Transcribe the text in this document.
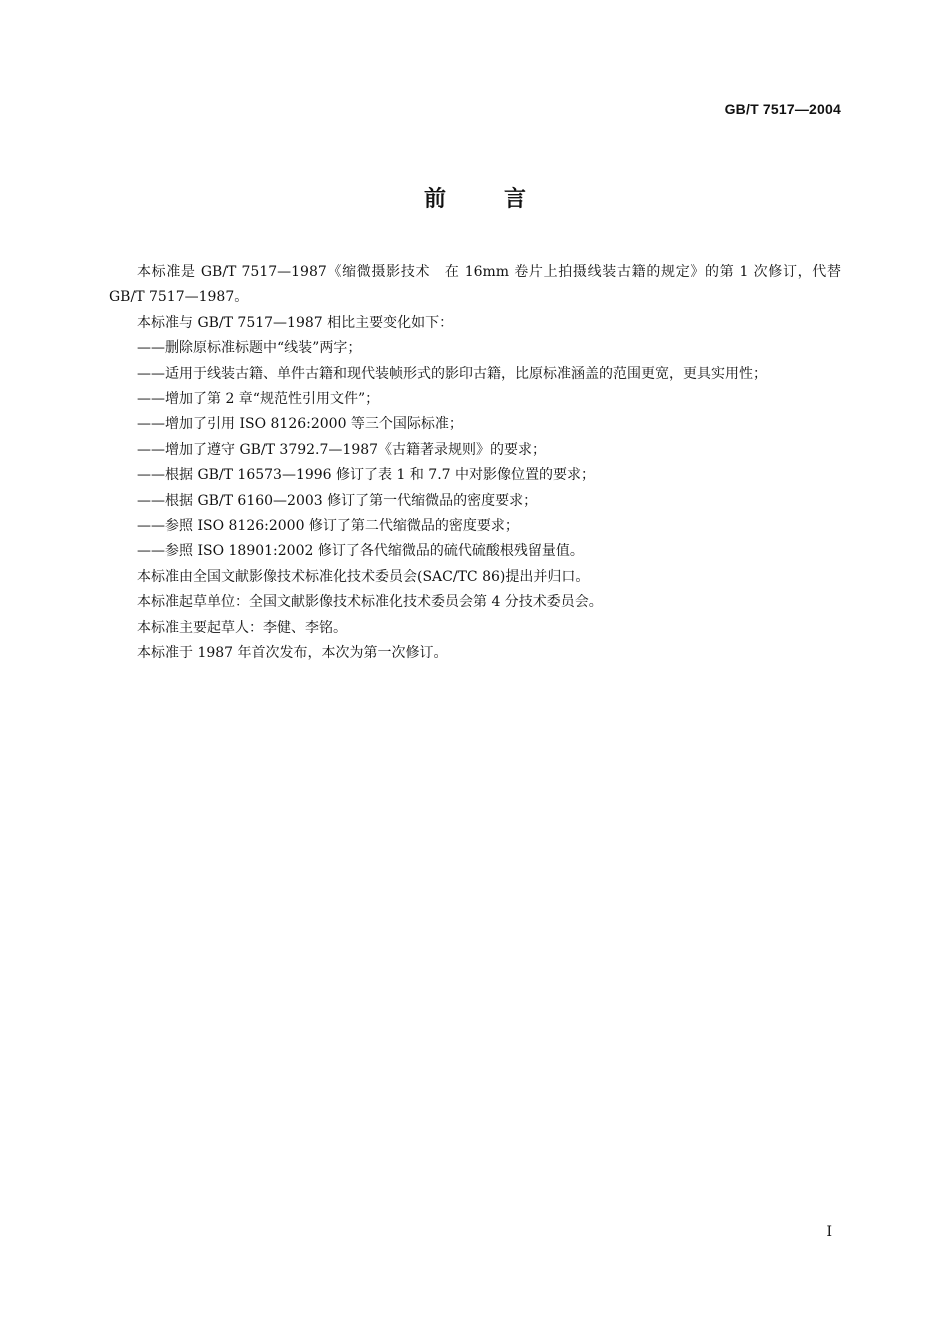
GB/T 7517—2004
前言

本标准是 GB/T 7517—1987《缩微摄影技术　在 16mm 卷片上拍摄线装古籍的规定》的第 1 次修订，代替 GB/T 7517—1987。

本标准与 GB/T 7517—1987 相比主要变化如下：

——删除原标准标题中“线装”两字；

——适用于线装古籍、单件古籍和现代装帧形式的影印古籍，比原标准涵盖的范围更宽，更具实用性；

——增加了第 2 章“规范性引用文件”；

——增加了引用 ISO 8126:2000 等三个国际标准；

——增加了遵守 GB/T 3792.7—1987《古籍著录规则》的要求；

——根据 GB/T 16573—1996 修订了表 1 和 7.7 中对影像位置的要求；

——根据 GB/T 6160—2003 修订了第一代缩微品的密度要求；

——参照 ISO 8126:2000 修订了第二代缩微品的密度要求；

——参照 ISO 18901:2002 修订了各代缩微品的硫代硫酸根残留量值。

本标准由全国文献影像技术标准化技术委员会(SAC/TC 86)提出并归口。

本标准起草单位：全国文献影像技术标准化技术委员会第 4 分技术委员会。

本标准主要起草人：李健、李铭。

本标准于 1987 年首次发布，本次为第一次修订。

I
